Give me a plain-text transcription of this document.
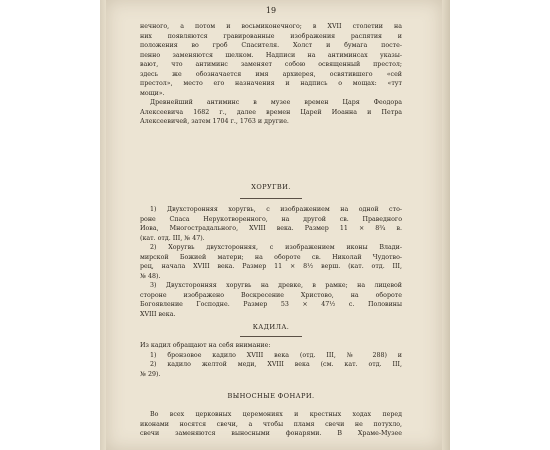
19
нечного, а потом и восьмиконечного; в XVII столетии на
них появляются гравированные изображения распятия и
положения во гроб Спасителя. Холст и бумага посте-
пенно заменяются шелком. Надписи на антиминсах указы-
вают, что антиминс заменяет собою освященный престол;
здесь же обозначается имя архиерея, освятившего «сей
престол», место его назначения и надпись о мощах: «тут
мощи».
Древнейший антиминс в музее времен Царя Феодора
Алексеевича 1682 г., далее времен Царей Иоанна и Петра
Алексеевичей, затем 1704 г., 1763 и другие.
ХОРУГВИ.
1) Двухсторонняя хоругвь, с изображением на одной сто-
роне Спаса Нерукотворенного, на другой св. Праведного
Иова, Многострадального, XVIII века. Размер 11 × 8¾ в.
(кат. отд. III, № 47).
2) Хоругвь двухсторонняя, с изображением иконы Влади-
мирской Божией матери; на обороте св. Николай Чудотво-
рец, начала XVIII века. Размер 11 × 8½ верш. (кат. отд. III,
№ 48).
3) Двухсторонняя хоругвь на древке, в рамке; на лицевой
стороне изображено Воскресение Христово, на обороте
Богоявление Господне. Размер 53 × 47½ с. Половины
XVIII века.
КАДИЛА.
Из кадил обращают на себя внимание:
1) бронзовое кадило XVIII века (отд. III, № 288) и
2) кадило желтой меди, XVIII века (см. кат. отд. III,
№ 29).
ВЫНОСНЫЕ ФОНАРИ.
Во всех церковных церемониях и крестных ходах перед
иконами носятся свечи, а чтобы пламя свечи не потухло,
свечи заменяются выносными фонарями. В Храме-Музее
